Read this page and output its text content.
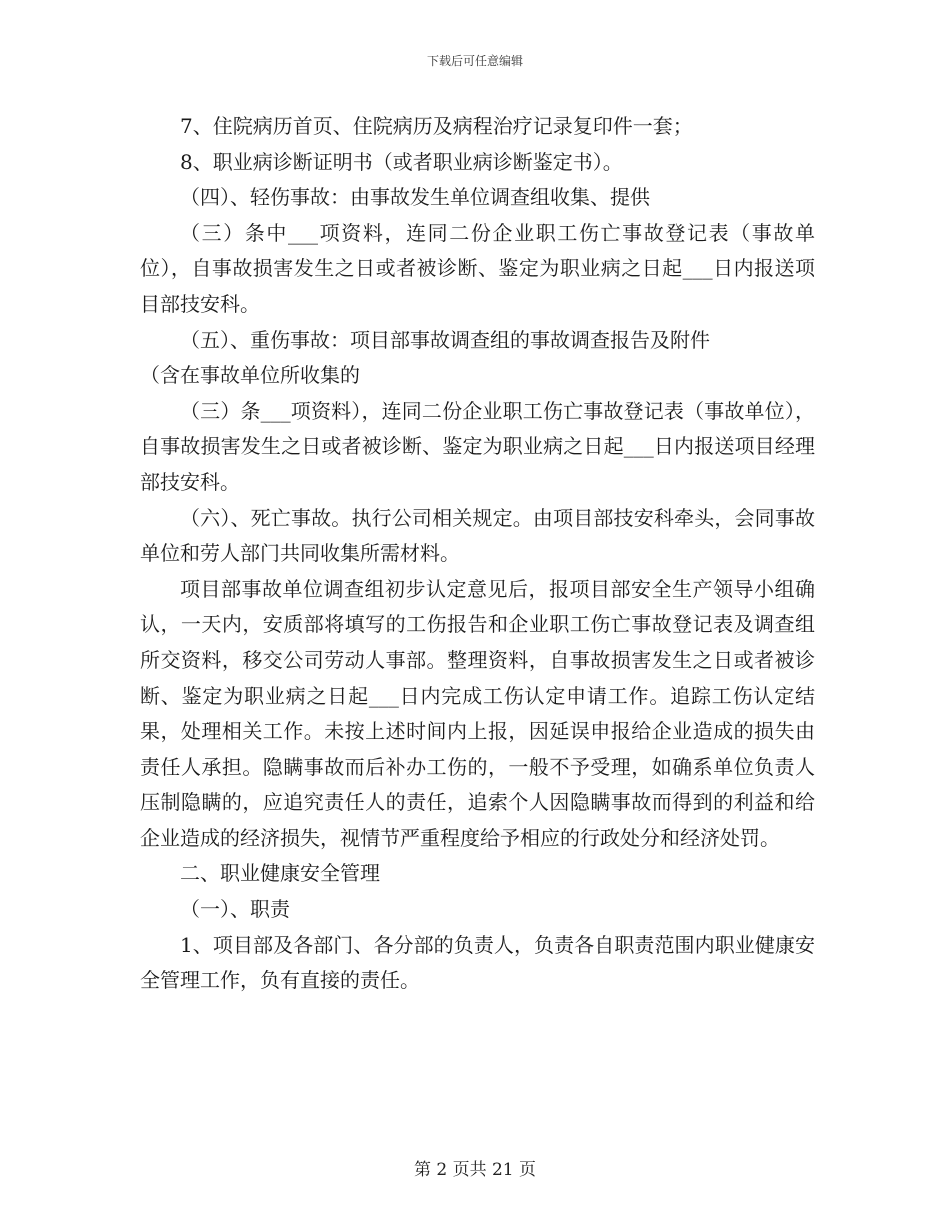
下载后可任意编辑

7、住院病历首页、住院病历及病程治疗记录复印件一套；

8、职业病诊断证明书（或者职业病诊断鉴定书）。

（四）、轻伤事故：由事故发生单位调查组收集、提供

（三）条中___项资料，连同二份企业职工伤亡事故登记表（事故单位），自事故损害发生之日或者被诊断、鉴定为职业病之日起___日内报送项目部技安科。

（五）、重伤事故：项目部事故调查组的事故调查报告及附件

（含在事故单位所收集的

（三）条___项资料），连同二份企业职工伤亡事故登记表（事故单位），自事故损害发生之日或者被诊断、鉴定为职业病之日起___日内报送项目经理部技安科。

（六）、死亡事故。执行公司相关规定。由项目部技安科牵头，会同事故单位和劳人部门共同收集所需材料。

项目部事故单位调查组初步认定意见后，报项目部安全生产领导小组确认，一天内，安质部将填写的工伤报告和企业职工伤亡事故登记表及调查组所交资料，移交公司劳动人事部。整理资料，自事故损害发生之日或者被诊断、鉴定为职业病之日起___日内完成工伤认定申请工作。追踪工伤认定结果，处理相关工作。未按上述时间内上报，因延误申报给企业造成的损失由责任人承担。隐瞒事故而后补办工伤的，一般不予受理，如确系单位负责人压制隐瞒的，应追究责任人的责任，追索个人因隐瞒事故而得到的利益和给企业造成的经济损失，视情节严重程度给予相应的行政处分和经济处罚。

二、职业健康安全管理

（一）、职责

1、项目部及各部门、各分部的负责人，负责各自职责范围内职业健康安全管理工作，负有直接的责任。

第 2 页共 21 页
